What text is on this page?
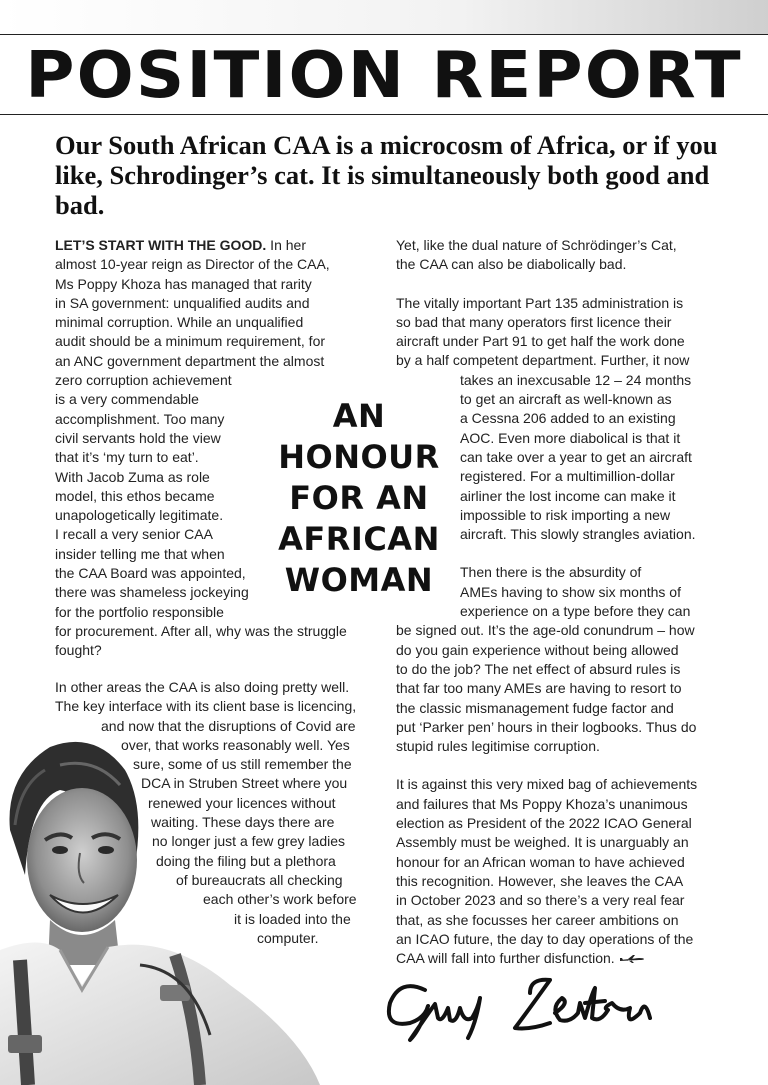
POSITION REPORT
Our South African CAA is a microcosm of Africa, or if you like, Schrodinger’s cat. It is simultaneously both good and bad.

LET’S START WITH THE GOOD. In her
almost 10-year reign as Director of the CAA,
Ms Poppy Khoza has managed that rarity
in SA government: unqualified audits and
minimal corruption. While an unqualified
audit should be a minimum requirement, for
an ANC government department the almost
zero corruption achievement
is a very commendable
accomplishment. Too many
civil servants hold the view
that it’s ‘my turn to eat’.
With Jacob Zuma as role
model, this ethos became
unapologetically legitimate.
I recall a very senior CAA
insider telling me that when
the CAA Board was appointed,
there was shameless jockeying
for the portfolio responsible
for procurement. After all, why was the struggle
fought?

In other areas the CAA is also doing pretty well.
The key interface with its client base is licencing,
and now that the disruptions of Covid are
over, that works reasonably well. Yes
sure, some of us still remember the
DCA in Struben Street where you
renewed your licences without
waiting. These days there are
no longer just a few grey ladies
doing the filing but a plethora
of bureaucrats all checking
each other’s work before
it is loaded into the
computer.

AN
HONOUR
FOR AN
AFRICAN
WOMAN

Yet, like the dual nature of Schrödinger’s Cat,
the CAA can also be diabolically bad.

The vitally important Part 135 administration is
so bad that many operators first licence their
aircraft under Part 91 to get half the work done
by a half competent department. Further, it now
takes an inexcusable 12 – 24 months
to get an aircraft as well-known as
a Cessna 206 added to an existing
AOC. Even more diabolical is that it
can take over a year to get an aircraft
registered. For a multimillion-dollar
airliner the lost income can make it
impossible to risk importing a new
aircraft. This slowly strangles aviation.

Then there is the absurdity of
AMEs having to show six months of
experience on a type before they can
be signed out. It’s the age-old conundrum – how
do you gain experience without being allowed
to do the job? The net effect of absurd rules is
that far too many AMEs are having to resort to
the classic mismanagement fudge factor and
put ‘Parker pen’ hours in their logbooks. Thus do
stupid rules legitimise corruption.

It is against this very mixed bag of achievements
and failures that Ms Poppy Khoza’s unanimous
election as President of the 2022 ICAO General
Assembly must be weighed. It is unarguably an
honour for an African woman to have achieved
this recognition. However, she leaves the CAA
in October 2023 and so there’s a very real fear
that, as she focusses her career ambitions on
an ICAO future, the day to day operations of the
CAA will fall into further disfunction.
